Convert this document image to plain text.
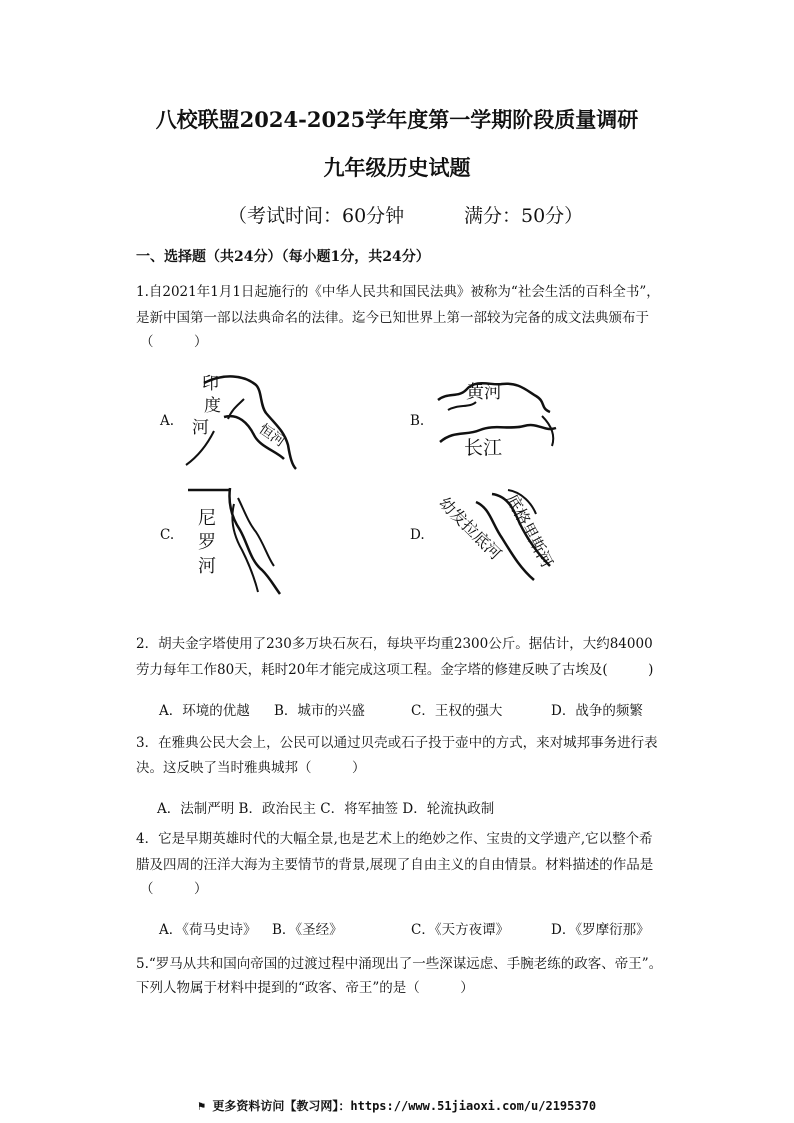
八校联盟2024-2025学年度第一学期阶段质量调研
九年级历史试题
（考试时间：60分钟	满分：50分）
一、选择题（共24分）（每小题1分，共24分）
1.自2021年1月1日起施行的《中华人民共和国民法典》被称为“社会生活的百科全书”，
是新中国第一部以法典命名的法律。迄今已知世界上第一部较为完备的成文法典颁布于
（　　　）
A.
印
度
河	恒河
B.
黄河
长江
C.
尼
罗
河
D. 幼发拉底河
底格里斯河
2．胡夫金字塔使用了230多万块石灰石，每块平均重2300公斤。据估计，大约84000
劳力每年工作80天，耗时20年才能完成这项工程。金字塔的修建反映了古埃及(　　　)
A．环境的优越 B．城市的兴盛	C．王权的强大	D．战争的频繁
3．在雅典公民大会上，公民可以通过贝壳或石子投于壶中的方式，来对城邦事务进行表
决。这反映了当时雅典城邦（　　　）
A．法制严明 B．政治民主 C．将军抽签 D．轮流执政制
4．它是早期英雄时代的大幅全景,也是艺术上的绝妙之作、宝贵的文学遗产,它以整个希
腊及四周的汪洋大海为主要情节的背景,展现了自由主义的自由情景。材料描述的作品是
（　　　）
A．《荷马史诗》 B．《圣经》	C．《天方夜谭》	D．《罗摩衍那》
5.“罗马从共和国向帝国的过渡过程中涌现出了一些深谋远虑、手腕老练的政客、帝王”。
下列人物属于材料中提到的“政客、帝王”的是（　　　）
⚑ 更多资料访问【教习网】：https://www.51jiaoxi.com/u/2195370
